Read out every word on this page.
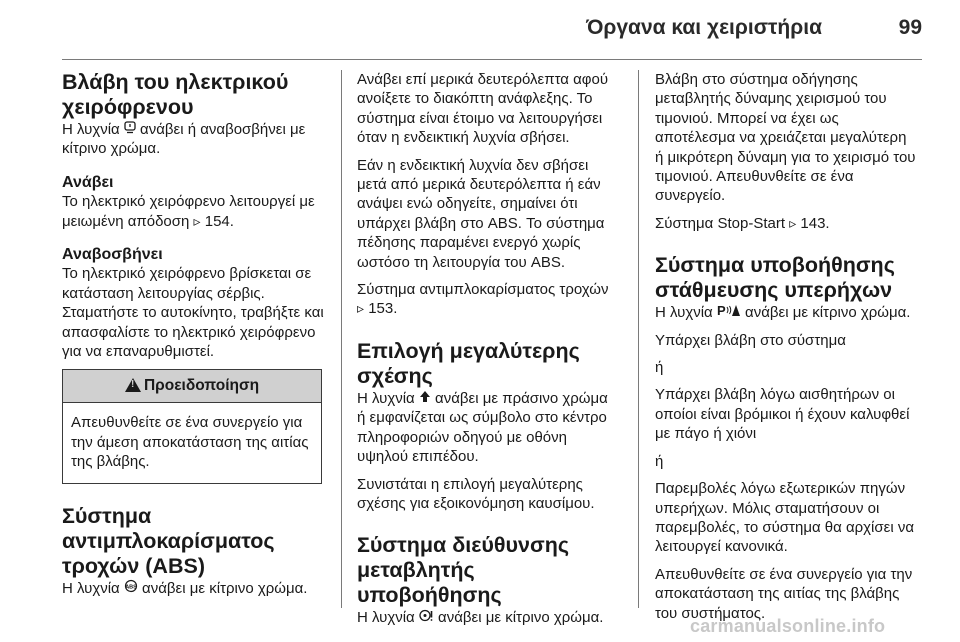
Όργανα και χειριστήρια	99
Βλάβη του ηλεκτρικού χειρόφρενου

Η λυχνία  ανάβει ή αναβοσβήνει με κίτρινο χρώμα.

Ανάβει

Το ηλεκτρικό χειρόφρενο λειτουργεί με μειωμένη απόδοση ▹ 154.

Αναβοσβήνει

Το ηλεκτρικό χειρόφρενο βρίσκεται σε κατάσταση λειτουργίας σέρβις. Σταματήστε το αυτοκίνητο, τραβήξτε και απασφαλίστε το ηλεκτρικό χειρόφρενο για να επαναρυθμιστεί.

!Προειδοποίηση
Απευθυνθείτε σε ένα συνεργείο για την άμεση αποκατάσταση της αιτίας της βλάβης.
Σύστημα αντιμπλοκαρίσματος τροχών (ABS)

Η λυχνία ABS ανάβει με κίτρινο χρώμα.

Ανάβει επί μερικά δευτερόλεπτα αφού ανοίξετε το διακόπτη ανάφλεξης. Το σύστημα είναι έτοιμο να λειτουργήσει όταν η ενδεικτική λυχνία σβήσει.

Εάν η ενδεικτική λυχνία δεν σβήσει μετά από μερικά δευτερόλεπτα ή εάν ανάψει ενώ οδηγείτε, σημαίνει ότι υπάρχει βλάβη στο ABS. Το σύστημα πέδησης παραμένει ενεργό χωρίς ωστόσο τη λειτουργία του ABS.

Σύστημα αντιμπλοκαρίσματος τροχών ▹ 153.

Επιλογή μεγαλύτερης σχέσης

Η λυχνία  ανάβει με πράσινο χρώμα ή εμφανίζεται ως σύμβολο στο κέντρο πληροφοριών οδηγού με οθόνη υψηλού επιπέδου.

Συνιστάται η επιλογή μεγαλύτερης σχέσης για εξοικονόμηση καυσίμου.

Σύστημα διεύθυνσης μεταβλητής υποβοήθησης

Η λυχνία  ανάβει με κίτρινο χρώμα.

Βλάβη στο σύστημα οδήγησης μεταβλητής δύναμης χειρισμού του τιμονιού. Μπορεί να έχει ως αποτέλεσμα να χρειάζεται μεγαλύτερη ή μικρότερη δύναμη για το χειρισμό του τιμονιού. Απευθυνθείτε σε ένα συνεργείο.

Σύστημα Stop-Start ▹ 143.

Σύστημα υποβοήθησης στάθμευσης υπερήχων

Η λυχνία P ανάβει με κίτρινο χρώμα.

Υπάρχει βλάβη στο σύστημα

ή

Υπάρχει βλάβη λόγω αισθητήρων οι οποίοι είναι βρόμικοι ή έχουν καλυφθεί με πάγο ή χιόνι

ή

Παρεμβολές λόγω εξωτερικών πηγών υπερήχων. Μόλις σταματήσουν οι παρεμβολές, το σύστημα θα αρχίσει να λειτουργεί κανονικά.

Απευθυνθείτε σε ένα συνεργείο για την αποκατάσταση της αιτίας της βλάβης του συστήματος.

carmanualsonline.info
